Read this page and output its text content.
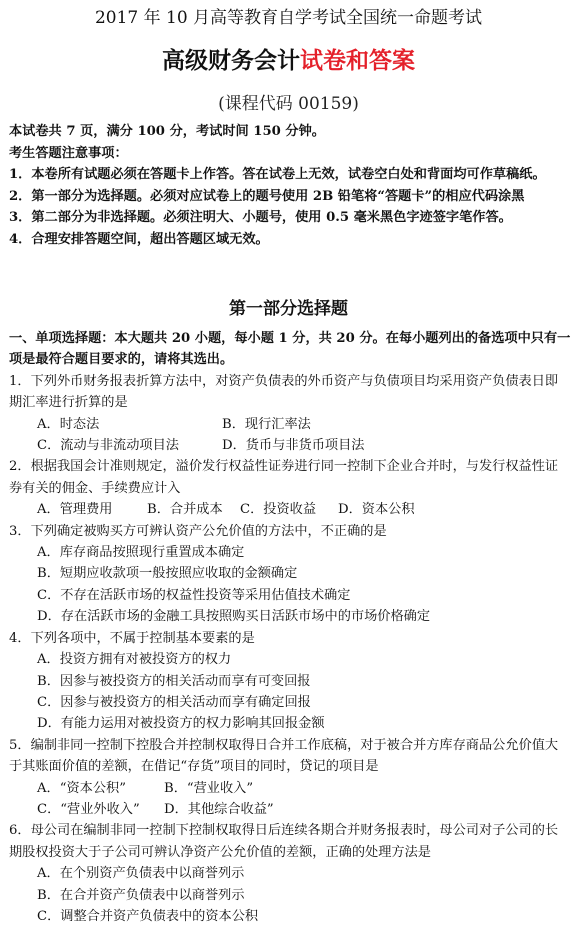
2017 年 10 月高等教育自学考试全国统一命题考试
高级财务会计试卷和答案
(课程代码 00159)

本试卷共 7 页，满分 100 分，考试时间 150 分钟。

考生答题注意事项：

1．本卷所有试题必须在答题卡上作答。答在试卷上无效，试卷空白处和背面均可作草稿纸。

2．第一部分为选择题。必须对应试卷上的题号使用 2B 铅笔将“答题卡”的相应代码涂黑

3．第二部分为非选择题。必须注明大、小题号，使用 0.5 毫米黑色字迹签字笔作答。

4．合理安排答题空间，超出答题区域无效。

第一部分选择题

一、单项选择题：本大题共 20 小题，每小题 1 分，共 20 分。在每小题列出的备选项中只有一项是最符合题目要求的，请将其选出。

1．下列外币财务报表折算方法中，对资产负债表的外币资产与负债项目均采用资产负债表日即期汇率进行折算的是

A．时态法	B．现行汇率法
C．流动与非流动项目法	D．货币与非货币项目法

2．根据我国会计准则规定，溢价发行权益性证券进行同一控制下企业合并时，与发行权益性证券有关的佣金、手续费应计入

A．管理费用	B．合并成本	C．投资收益	D．资本公积

3．下列确定被购买方可辨认资产公允价值的方法中，不正确的是

A．库存商品按照现行重置成本确定

B．短期应收款项一般按照应收取的金额确定

C．不存在活跃市场的权益性投资等采用估值技术确定

D．存在活跃市场的金融工具按照购买日活跃市场中的市场价格确定

4．下列各项中，不属于控制基本要素的是

A．投资方拥有对被投资方的权力

B．因参与被投资方的相关活动而享有可变回报

C．因参与被投资方的相关活动而享有确定回报

D．有能力运用对被投资方的权力影响其回报金额

5．编制非同一控制下控股合并控制权取得日合并工作底稿，对于被合并方库存商品公允价值大于其账面价值的差额，在借记“存货”项目的同时，贷记的项目是

A．“资本公积”	B．“营业收入”
C．“营业外收入”	D．其他综合收益”

6．母公司在编制非同一控制下控制权取得日后连续各期合并财务报表时，母公司对子公司的长期股权投资大于子公司可辨认净资产公允价值的差额，正确的处理方法是

A．在个别资产负债表中以商誉列示

B．在合并资产负债表中以商誉列示

C．调整合并资产负债表中的资本公积
